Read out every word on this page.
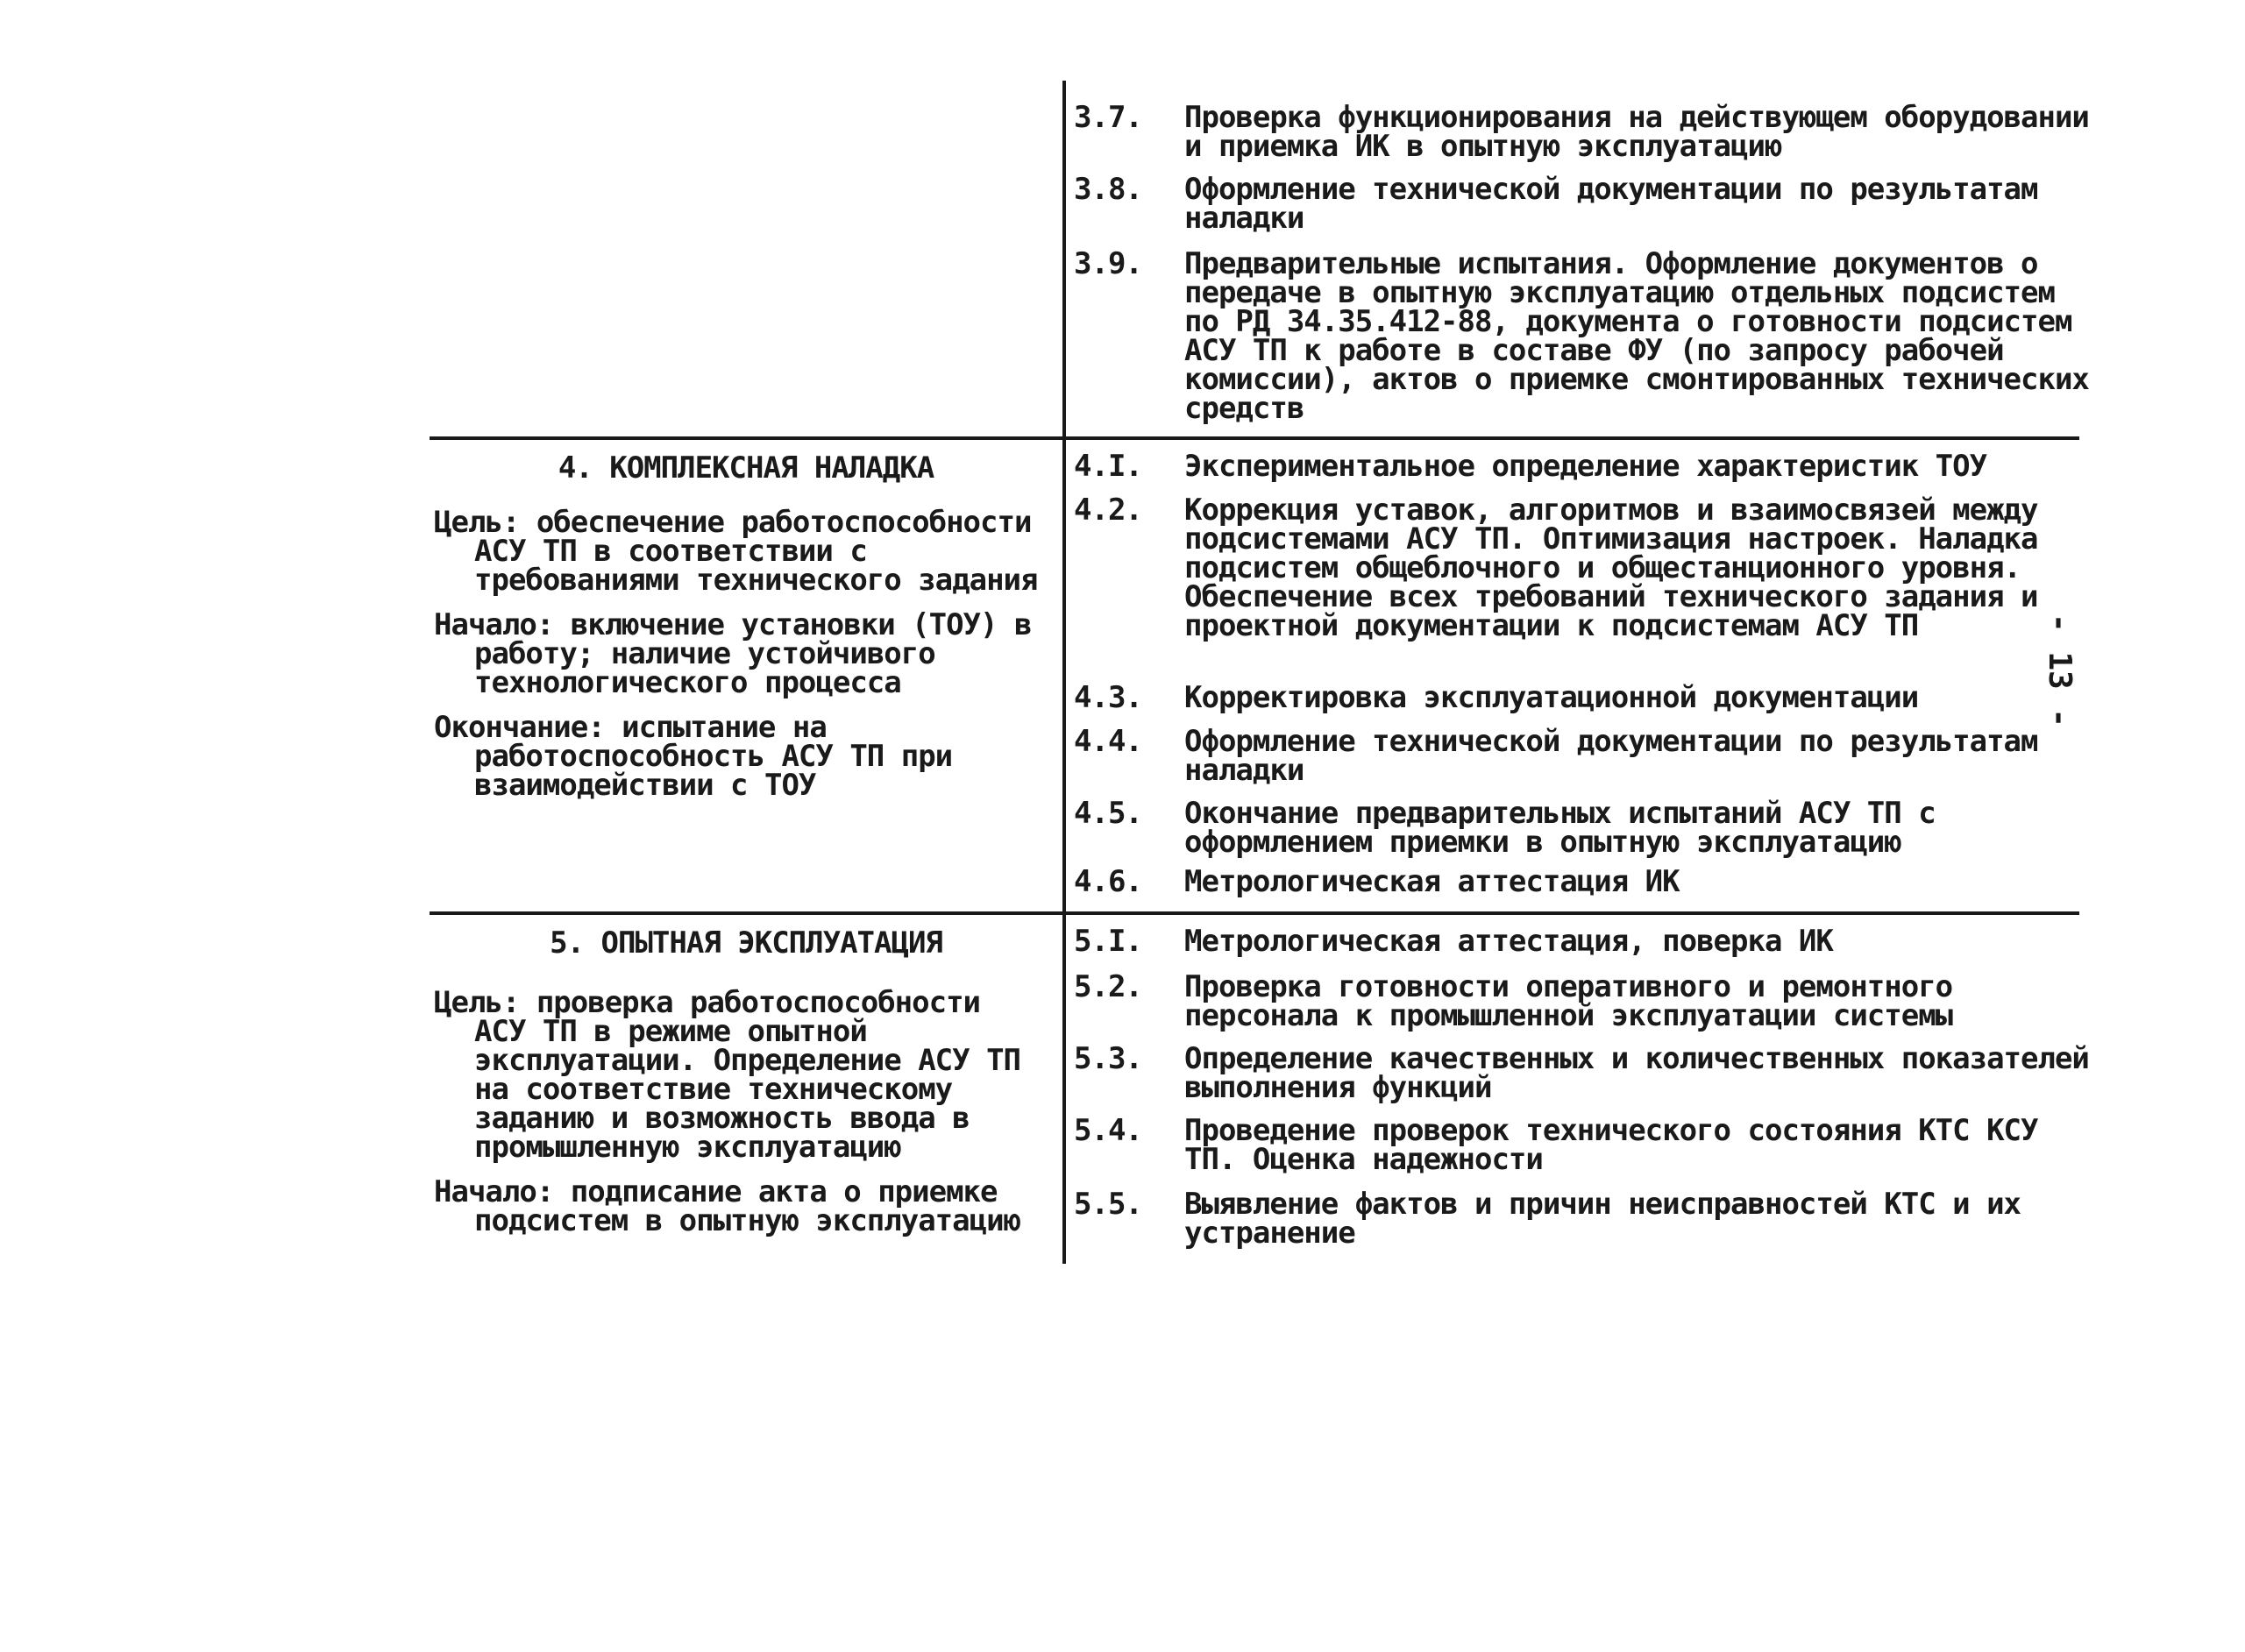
3.7.	Проверка функционирования на действующем оборудовании и приемка ИК в опытную эксплуатацию
3.8.	Оформление технической документации по результатам наладки
3.9.	Предварительные испытания. Оформление документов о передаче в опытную эксплуатацию отдельных подсистем по РД 34.35.412-88, документа о готовности подсистем АСУ ТП к работе в составе ФУ (по запросу рабочей комиссии), актов о приемке смонтированных технических средств
4. КОМПЛЕКСНАЯ НАЛАДКА

Цель: обеспечение работоспособности АСУ ТП в соответствии с требованиями технического задания

Начало: включение установки (ТОУ) в работу; наличие устойчивого технологического процесса

Окончание: испытание на работоспособность АСУ ТП при взаимодействии с ТОУ

4.I.	Экспериментальное определение характеристик ТОУ
4.2.	Коррекция уставок, алгоритмов и взаимосвязей между подсистемами АСУ ТП. Оптимизация настроек. Наладка подсистем общеблочного и общестанционного уровня. Обеспечение всех требований технического задания и проектной документации к подсистемам АСУ ТП
4.3.	Корректировка эксплуатационной документации
4.4.	Оформление технической документации по результатам наладки
4.5.	Окончание предварительных испытаний АСУ ТП с оформлением приемки в опытную эксплуатацию
4.6.	Метрологическая аттестация ИК
5. ОПЫТНАЯ ЭКСПЛУАТАЦИЯ

Цель: проверка работоспособности АСУ ТП в режиме опытной эксплуатации. Определение АСУ ТП на соответствие техническому заданию и возможность ввода в промышленную эксплуатацию

Начало: подписание акта о приемке подсистем в опытную эксплуатацию

5.I.	Метрологическая аттестация, поверка ИК
5.2.	Проверка готовности оперативного и ремонтного персонала к промышленной эксплуатации системы
5.3.	Определение качественных и количественных показателей выполнения функций
5.4.	Проведение проверок технического состояния КТС КСУ ТП. Оценка надежности
5.5.	Выявление фактов и причин неисправностей КТС и их устранение
- 13 -
